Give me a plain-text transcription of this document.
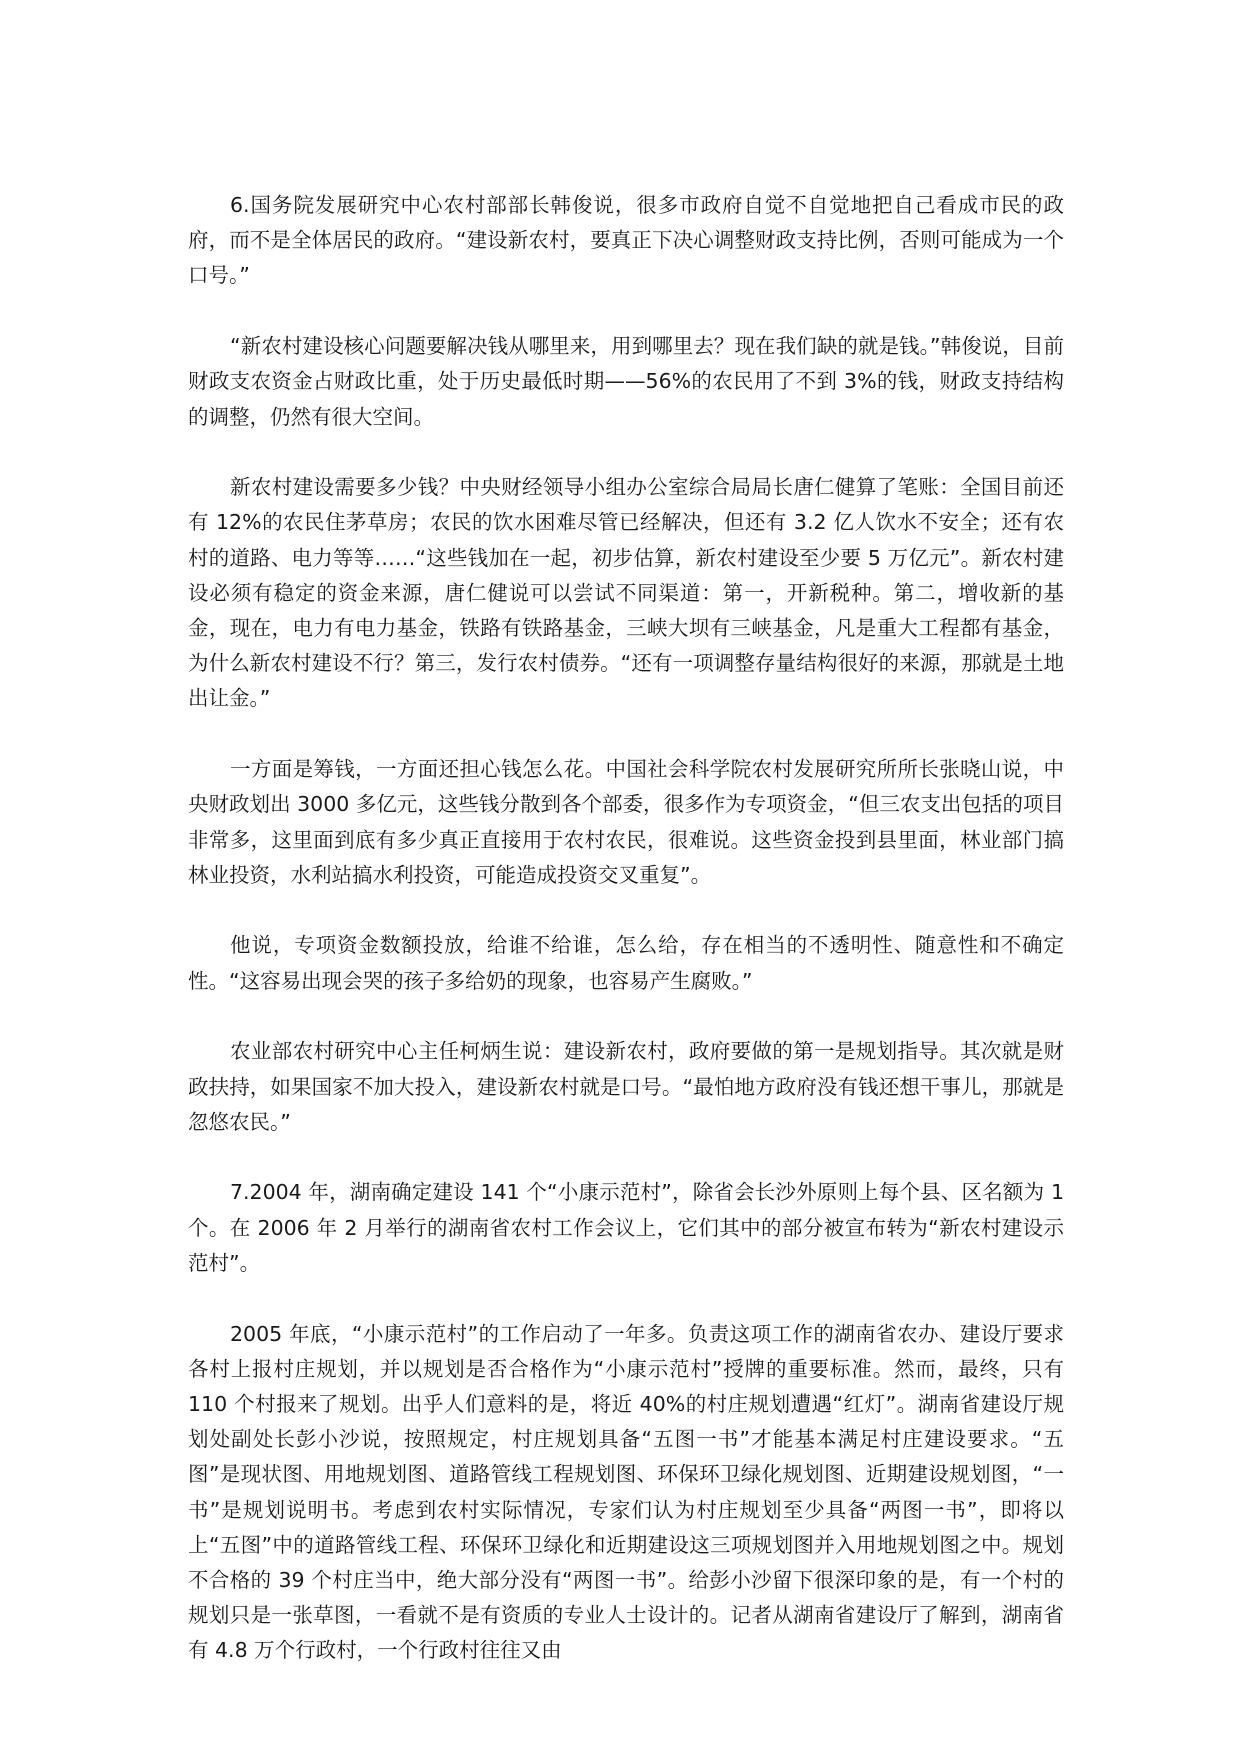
6.国务院发展研究中心农村部部长韩俊说，很多市政府自觉不自觉地把自己看成市民的政府，而不是全体居民的政府。“建设新农村，要真正下决心调整财政支持比例，否则可能成为一个口号。”

“新农村建设核心问题要解决钱从哪里来，用到哪里去？现在我们缺的就是钱。”韩俊说，目前财政支农资金占财政比重，处于历史最低时期——56%的农民用了不到 3%的钱，财政支持结构的调整，仍然有很大空间。

新农村建设需要多少钱？中央财经领导小组办公室综合局局长唐仁健算了笔账：全国目前还有 12%的农民住茅草房；农民的饮水困难尽管已经解决，但还有 3.2 亿人饮水不安全；还有农村的道路、电力等等……“这些钱加在一起，初步估算，新农村建设至少要 5 万亿元”。新农村建设必须有稳定的资金来源，唐仁健说可以尝试不同渠道：第一，开新税种。第二，增收新的基金，现在，电力有电力基金，铁路有铁路基金，三峡大坝有三峡基金，凡是重大工程都有基金，为什么新农村建设不行？第三，发行农村债券。“还有一项调整存量结构很好的来源，那就是土地出让金。”

一方面是筹钱，一方面还担心钱怎么花。中国社会科学院农村发展研究所所长张晓山说，中央财政划出 3000 多亿元，这些钱分散到各个部委，很多作为专项资金，“但三农支出包括的项目非常多，这里面到底有多少真正直接用于农村农民，很难说。这些资金投到县里面，林业部门搞林业投资，水利站搞水利投资，可能造成投资交叉重复”。

他说，专项资金数额投放，给谁不给谁，怎么给，存在相当的不透明性、随意性和不确定性。“这容易出现会哭的孩子多给奶的现象，也容易产生腐败。”

农业部农村研究中心主任柯炳生说：建设新农村，政府要做的第一是规划指导。其次就是财政扶持，如果国家不加大投入，建设新农村就是口号。“最怕地方政府没有钱还想干事儿，那就是忽悠农民。”

7.2004 年，湖南确定建设 141 个“小康示范村”，除省会长沙外原则上每个县、区名额为 1 个。在 2006 年 2 月举行的湖南省农村工作会议上，它们其中的部分被宣布转为“新农村建设示范村”。

2005 年底，“小康示范村”的工作启动了一年多。负责这项工作的湖南省农办、建设厅要求各村上报村庄规划，并以规划是否合格作为“小康示范村”授牌的重要标准。然而，最终，只有 110 个村报来了规划。出乎人们意料的是，将近 40%的村庄规划遭遇“红灯”。湖南省建设厅规划处副处长彭小沙说，按照规定，村庄规划具备“五图一书”才能基本满足村庄建设要求。“五图”是现状图、用地规划图、道路管线工程规划图、环保环卫绿化规划图、近期建设规划图，“一书”是规划说明书。考虑到农村实际情况，专家们认为村庄规划至少具备“两图一书”，即将以上“五图”中的道路管线工程、环保环卫绿化和近期建设这三项规划图并入用地规划图之中。规划不合格的 39 个村庄当中，绝大部分没有“两图一书”。给彭小沙留下很深印象的是，有一个村的规划只是一张草图，一看就不是有资质的专业人士设计的。记者从湖南省建设厅了解到，湖南省有 4.8 万个行政村，一个行政村往往又由
